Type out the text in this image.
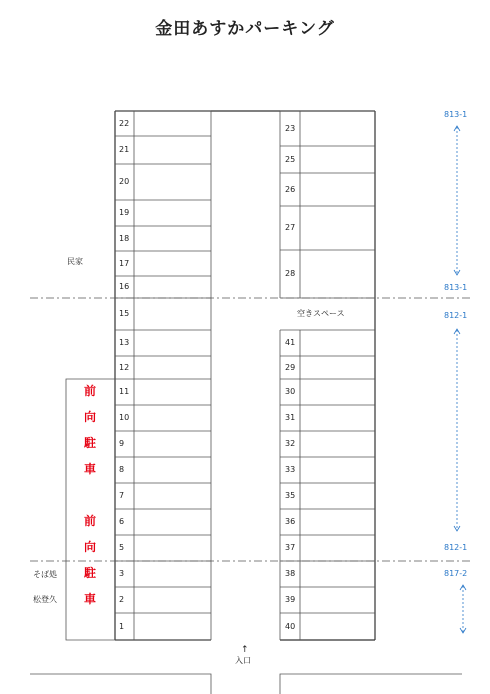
金田あすかパーキング
22
21
20
19
18
17
16
15
13
12
11
10
9
8
7
6
5
3
2
1
23
25
26
27
28
41
29
30
31
32
33
35
36
37
38
39
40
空きスペース
民家
そば処
松登久
前
向
駐
車
前
向
駐
車
↑
入口
813-1
813-1
812-1
812-1
817-2
